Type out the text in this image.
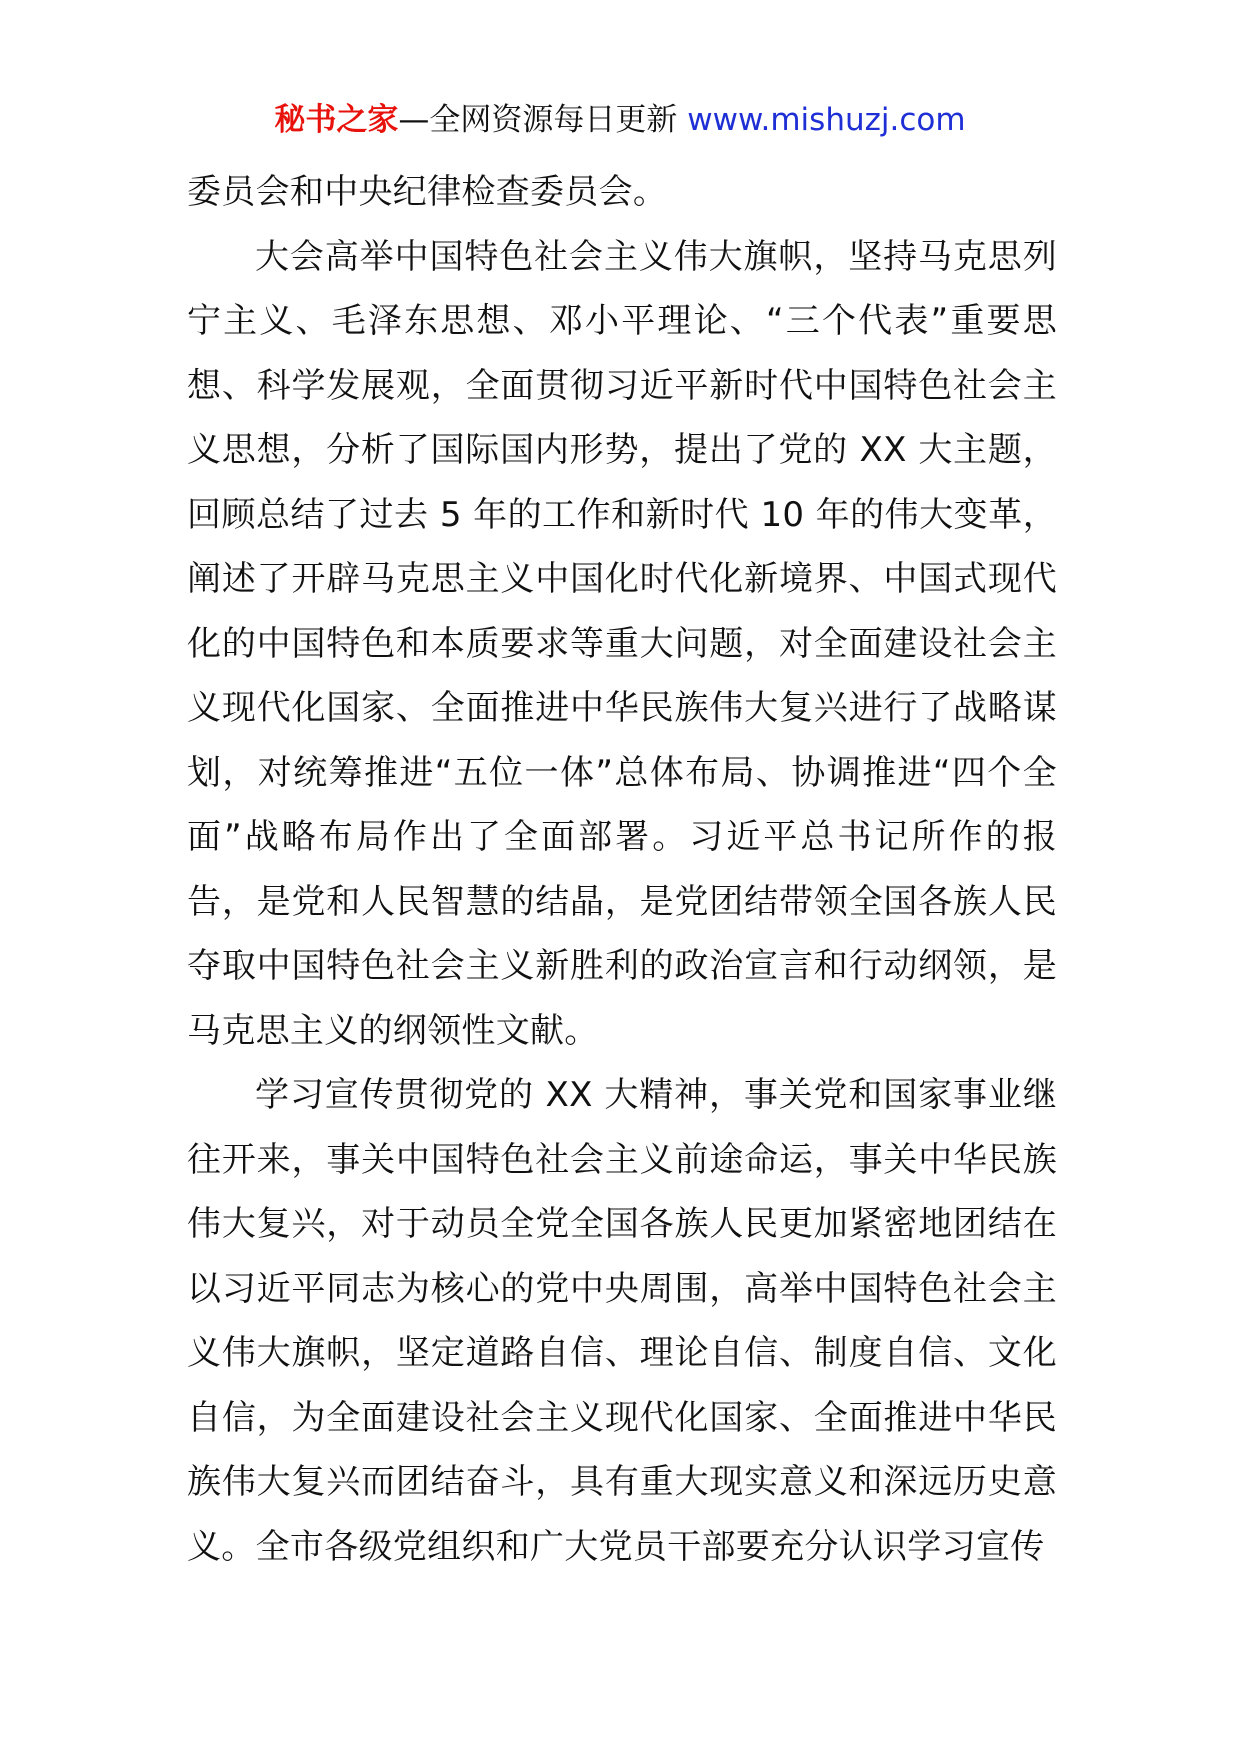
秘书之家—全网资源每日更新 www.mishuzj.com

委员会和中央纪律检查委员会。

大会高举中国特色社会主义伟大旗帜，坚持马克思列宁主义、毛泽东思想、邓小平理论、“三个代表”重要思想、科学发展观，全面贯彻习近平新时代中国特色社会主义思想，分析了国际国内形势，提出了党的 XX 大主题，回顾总结了过去 5 年的工作和新时代 10 年的伟大变革，阐述了开辟马克思主义中国化时代化新境界、中国式现代化的中国特色和本质要求等重大问题，对全面建设社会主义现代化国家、全面推进中华民族伟大复兴进行了战略谋划，对统筹推进“五位一体”总体布局、协调推进“四个全面”战略布局作出了全面部署。习近平总书记所作的报告，是党和人民智慧的结晶，是党团结带领全国各族人民夺取中国特色社会主义新胜利的政治宣言和行动纲领，是马克思主义的纲领性文献。

学习宣传贯彻党的 XX 大精神，事关党和国家事业继往开来，事关中国特色社会主义前途命运，事关中华民族伟大复兴，对于动员全党全国各族人民更加紧密地团结在以习近平同志为核心的党中央周围，高举中国特色社会主义伟大旗帜，坚定道路自信、理论自信、制度自信、文化自信，为全面建设社会主义现代化国家、全面推进中华民族伟大复兴而团结奋斗，具有重大现实意义和深远历史意义。全市各级党组织和广大党员干部要充分认识学习宣传
